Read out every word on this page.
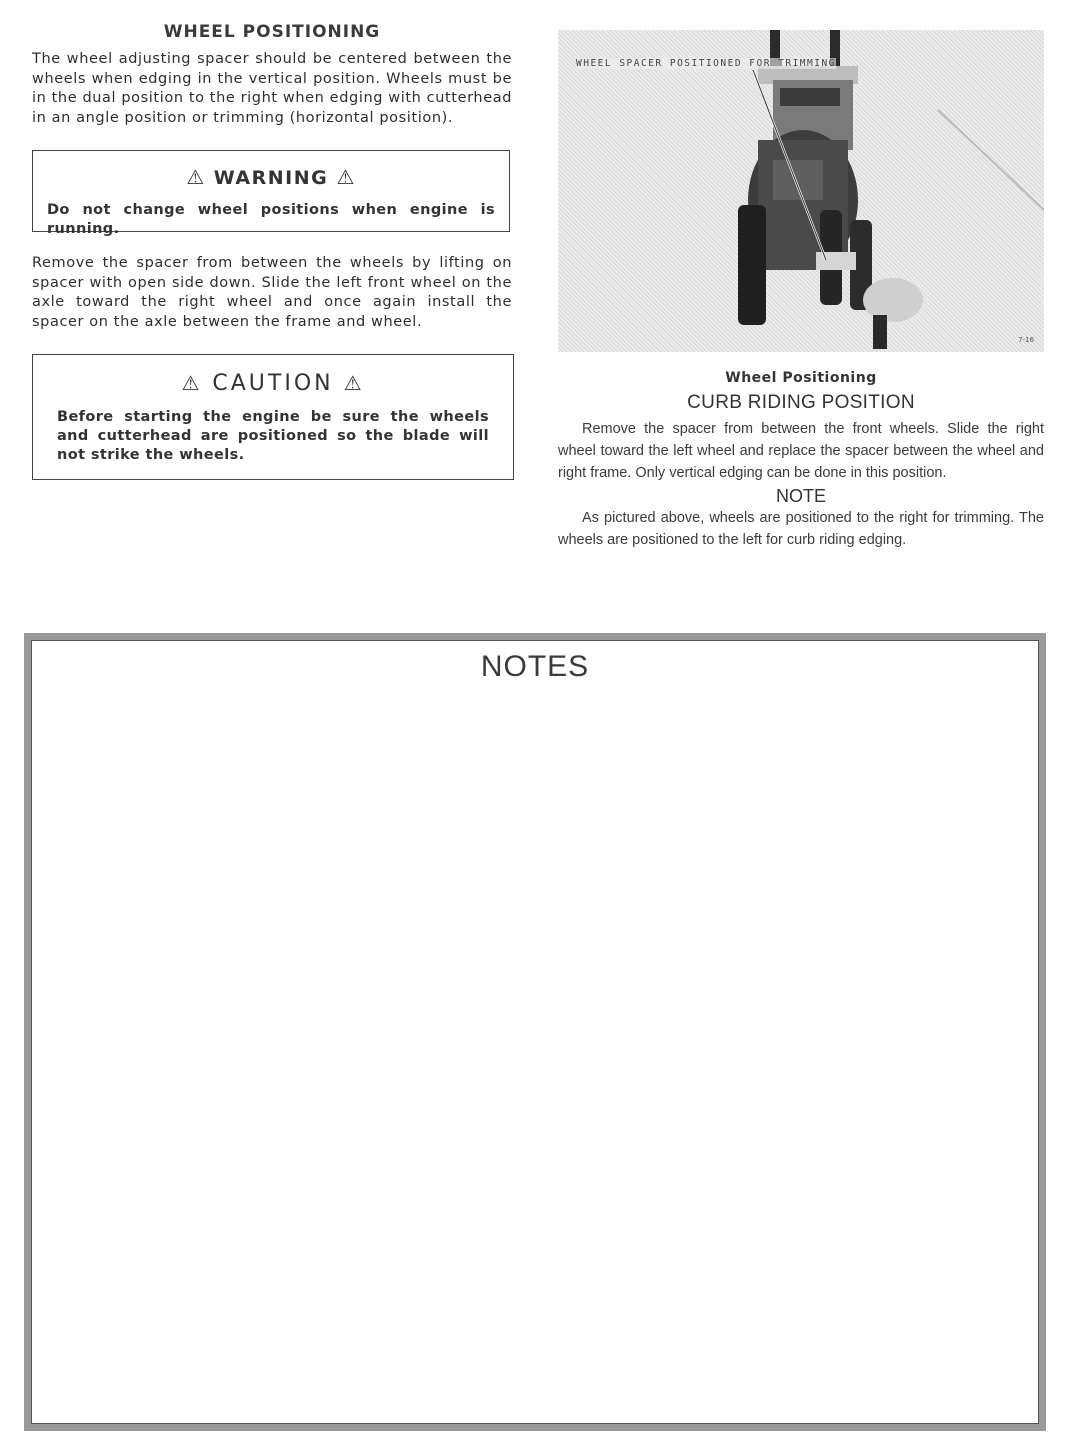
WHEEL POSITIONING

The wheel adjusting spacer should be centered between the wheels when edging in the vertical position. Wheels must be in the dual position to the right when edging with cutterhead in an angle position or trimming (horizontal position).

⚠ WARNING ⚠

Do not change wheel positions when engine is running.

Remove the spacer from between the wheels by lifting on spacer with open side down. Slide the left front wheel on the axle toward the right wheel and once again install the spacer on the axle between the frame and wheel.

⚠ CAUTION ⚠

Before starting the engine be sure the wheels and cutterhead are positioned so the blade will not strike the wheels.

WHEEL SPACER POSITIONED FOR TRIMMING
7-16
Wheel Positioning
CURB RIDING POSITION

Remove the spacer from between the front wheels. Slide the right wheel toward the left wheel and replace the spacer between the wheel and right frame. Only vertical edging can be done in this position.

NOTE

As pictured above, wheels are positioned to the right for trimming. The wheels are positioned to the left for curb riding edging.

NOTES
